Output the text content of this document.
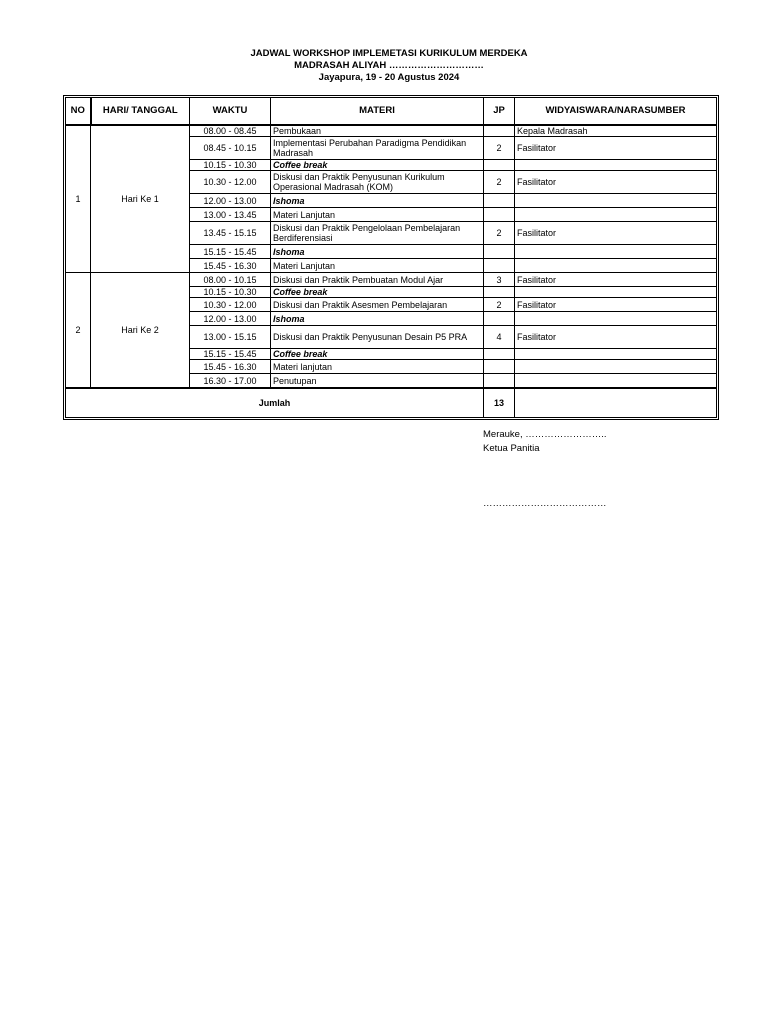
JADWAL WORKSHOP IMPLEMETASI KURIKULUM MERDEKA
MADRASAH ALIYAH …………………………
Jayapura, 19 - 20 Agustus 2024
NO	HARI/ TANGGAL	WAKTU	MATERI	JP	WIDYAISWARA/NARASUMBER
1	Hari Ke 1	08.00 - 08.45	Pembukaan		Kepala Madrasah
		08.45 - 10.15	Implementasi Perubahan Paradigma Pendidikan Madrasah	2	Fasilitator
		10.15 - 10.30	Coffee break		
		10.30 - 12.00	Diskusi dan Praktik Penyusunan Kurikulum Operasional Madrasah (KOM)	2	Fasilitator
		12.00 - 13.00	Ishoma		
		13.00 - 13.45	Materi Lanjutan		
		13.45 - 15.15	Diskusi dan Praktik Pengelolaan Pembelajaran Berdiferensiasi	2	Fasilitator
		15.15 - 15.45	Ishoma		
		15.45 - 16.30	Materi Lanjutan		
2	Hari Ke 2	08.00 - 10.15	Diskusi dan Praktik Pembuatan Modul Ajar	3	Fasilitator
		10.15 - 10.30	Coffee break		
		10.30 - 12.00	Diskusi dan Praktik Asesmen Pembelajaran	2	Fasilitator
		12.00 - 13.00	Ishoma		
		13.00 - 15.15	Diskusi dan Praktik Penyusunan Desain P5 PRA	4	Fasilitator
		15.15 - 15.45	Coffee break		
		15.45 - 16.30	Materi lanjutan		
		16.30 - 17.00	Penutupan		
Jumlah				13	
Merauke, ……………………..
Ketua Panitia
…………………………………
